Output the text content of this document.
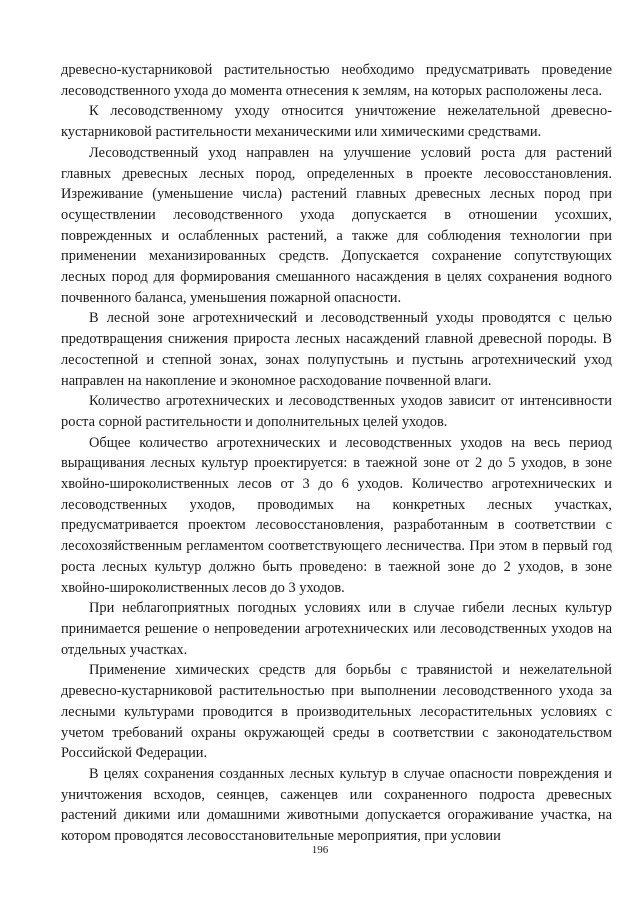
древесно-кустарниковой растительностью необходимо предусматривать проведение лесоводственного ухода до момента отнесения к землям, на которых расположены леса.

К лесоводственному уходу относится уничтожение нежелательной древесно-кустарниковой растительности механическими или химическими средствами.

Лесоводственный уход направлен на улучшение условий роста для растений главных древесных лесных пород, определенных в проекте лесовосстановления. Изреживание (уменьшение числа) растений главных древесных лесных пород при осуществлении лесоводственного ухода допускается в отношении усохших, поврежденных и ослабленных растений, а также для соблюдения технологии при применении механизированных средств. Допускается сохранение сопутствующих лесных пород для формирования смешанного насаждения в целях сохранения водного почвенного баланса, уменьшения пожарной опасности.

В лесной зоне агротехнический и лесоводственный уходы проводятся с целью предотвращения снижения прироста лесных насаждений главной древесной породы. В лесостепной и степной зонах, зонах полупустынь и пустынь агротехнический уход направлен на накопление и экономное расходование почвенной влаги.

Количество агротехнических и лесоводственных уходов зависит от интенсивности роста сорной растительности и дополнительных целей уходов.

Общее количество агротехнических и лесоводственных уходов на весь период выращивания лесных культур проектируется: в таежной зоне от 2 до 5 уходов, в зоне хвойно-широколиственных лесов от 3 до 6 уходов. Количество агротехнических и лесоводственных уходов, проводимых на конкретных лесных участках, предусматривается проектом лесовосстановления, разработанным в соответствии с лесохозяйственным регламентом соответствующего лесничества. При этом в первый год роста лесных культур должно быть проведено: в таежной зоне до 2 уходов, в зоне хвойно-широколиственных лесов до 3 уходов.

При неблагоприятных погодных условиях или в случае гибели лесных культур принимается решение о непроведении агротехнических или лесоводственных уходов на отдельных участках.

Применение химических средств для борьбы с травянистой и нежелательной древесно-кустарниковой растительностью при выполнении лесоводственного ухода за лесными культурами проводится в производительных лесорастительных условиях с учетом требований охраны окружающей среды в соответствии с законодательством Российской Федерации.

В целях сохранения созданных лесных культур в случае опасности повреждения и уничтожения всходов, сеянцев, саженцев или сохраненного подроста древесных растений дикими или домашними животными допускается огораживание участка, на котором проводятся лесовосстановительные мероприятия, при условии

196
